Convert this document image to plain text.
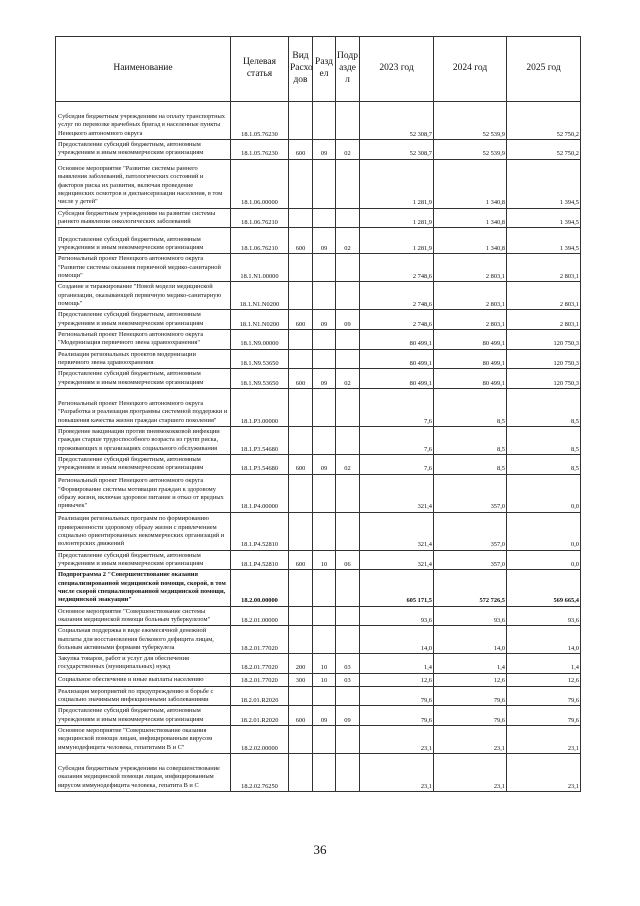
Наименование	Целевая статья	Вид Расхо дов	Разд ел	Подр азде л	2023 год	2024 год	2025 год
Субсидия бюджетным учреждениям на оплату транспортных услуг по перевозке врачебных бригад в населенные пункты Ненецкого автономного округа	18.1.05.76230				52 308,7	52 539,9	52 750,2
Предоставление субсидий бюджетным, автономным учреждениям и иным некоммерческим организациям	18.1.05.76230	600	09	02	52 308,7	52 539,9	52 750,2
Основное мероприятие "Развитие системы раннего выявления заболеваний, патологических состояний и факторов риска их развития, включая проведение медицинских осмотров и диспансеризации населения, в том числе у детей"	18.1.06.00000				1 281,9	1 340,8	1 394,5
Субсидия бюджетным учреждениям на развитие системы раннего выявления онкологических заболеваний	18.1.06.76210				1 281,9	1 340,8	1 394,5
Предоставление субсидий бюджетным, автономным учреждениям и иным некоммерческим организациям	18.1.06.76210	600	09	02	1 281,9	1 340,8	1 394,5
Региональный проект Ненецкого автономного округа "Развитие системы оказания первичной медико-санитарной помощи"	18.1.N1.00000				2 748,6	2 803,1	2 803,1
Создание и тиражирование "Новой модели медицинской организации, оказывающей первичную медико-санитарную помощь"	18.1.N1.N0200				2 748,6	2 803,1	2 803,1
Предоставление субсидий бюджетным, автономным учреждениям и иным некоммерческим организациям	18.1.N1.N0200	600	09	09	2 748,6	2 803,1	2 803,1
Региональный проект Ненецкого автономного округа "Модернизация первичного звена здравоохранения"	18.1.N9.00000				80 499,1	80 499,1	120 750,3
Реализация региональных проектов модернизации первичного звена здравоохранения	18.1.N9.53650				80 499,1	80 499,1	120 750,3
Предоставление субсидий бюджетным, автономным учреждениям и иным некоммерческим организациям	18.1.N9.53650	600	09	02	80 499,1	80 499,1	120 750,3
Региональный проект Ненецкого автономного округа "Разработка и реализация программы системной поддержки и повышения качества жизни граждан старшего поколения"	18.1.P3.00000				7,6	8,5	8,5
Проведение вакцинации против пневмококковой инфекции граждан старше трудоспособного возраста из групп риска, проживающих в организациях социального обслуживания	18.1.P3.54680				7,6	8,5	8,5
Предоставление субсидий бюджетным, автономным учреждениям и иным некоммерческим организациям	18.1.P3.54680	600	09	02	7,6	8,5	8,5
Региональный проект Ненецкого автономного округа "Формирование системы мотивации граждан к здоровому образу жизни, включая здоровое питание и отказ от вредных привычек"	18.1.P4.00000				321,4	357,0	0,0
Реализация региональных программ по формированию приверженности здоровому образу жизни с привлечением социально ориентированных некоммерческих организаций и волонтерских движений	18.1.P4.52810				321,4	357,0	0,0
Предоставление субсидий бюджетным, автономным учреждениям и иным некоммерческим организациям	18.1.P4.52810	600	10	06	321,4	357,0	0,0
Подпрограмма 2 "Совершенствование оказания специализированной медицинской помощи, скорой, в том числе скорой специализированной медицинской помощи, медицинской эвакуации"	18.2.00.00000				605 171,5	572 726,5	569 665,4
Основное мероприятие "Совершенствование системы оказания медицинской помощи больным туберкулезом"	18.2.01.00000				93,6	93,6	93,6
Социальная поддержка в виде ежемесячной денежной выплаты для восстановления белкового дефицита лицам, больным активными формами туберкулеза	18.2.01.77020				14,0	14,0	14,0
Закупка товаров, работ и услуг для обеспечения государственных (муниципальных) нужд	18.2.01.77020	200	10	03	1,4	1,4	1,4
Социальное обеспечение и иные выплаты населению	18.2.01.77020	300	10	03	12,6	12,6	12,6
Реализация мероприятий по предупреждению и борьбе с социально значимыми инфекционными заболеваниями	18.2.01.R2020				79,6	79,6	79,6
Предоставление субсидий бюджетным, автономным учреждениям и иным некоммерческим организациям	18.2.01.R2020	600	09	09	79,6	79,6	79,6
Основное мероприятие "Совершенствование оказания медицинской помощи лицам, инфицированным вирусом иммунодефицита человека, гепатитами В и С"	18.2.02.00000				23,1	23,1	23,1
Субсидия бюджетным учреждениям на совершенствование оказания медицинской помощи лицам, инфицированным вирусом иммунодефицита человека, гепатита В и С	18.2.02.76250				23,1	23,1	23,1
36
